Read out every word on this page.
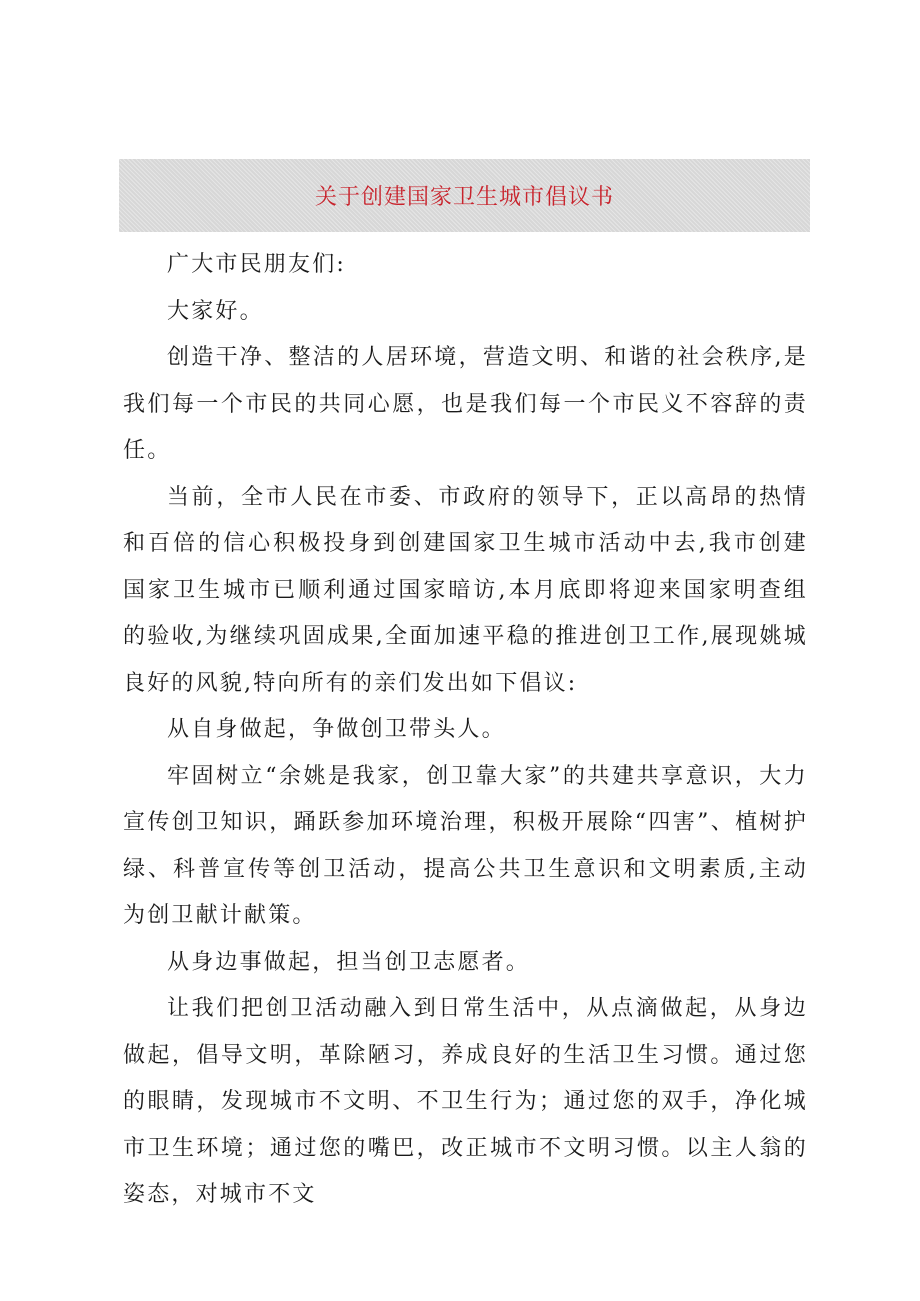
关于创建国家卫生城市倡议书

广大市民朋友们:

大家好。

创造干净、整洁的人居环境，营造文明、和谐的社会秩序,是我们每一个市民的共同心愿，也是我们每一个市民义不容辞的责任。

当前，全市人民在市委、市政府的领导下，正以高昂的热情和百倍的信心积极投身到创建国家卫生城市活动中去,我市创建国家卫生城市已顺利通过国家暗访,本月底即将迎来国家明查组的验收,为继续巩固成果,全面加速平稳的推进创卫工作,展现姚城良好的风貌,特向所有的亲们发出如下倡议:

从自身做起，争做创卫带头人。

牢固树立“余姚是我家，创卫靠大家”的共建共享意识，大力宣传创卫知识，踊跃参加环境治理，积极开展除“四害”、植树护绿、科普宣传等创卫活动，提高公共卫生意识和文明素质,主动为创卫献计献策。

从身边事做起，担当创卫志愿者。

让我们把创卫活动融入到日常生活中，从点滴做起，从身边做起，倡导文明，革除陋习，养成良好的生活卫生习惯。通过您的眼睛，发现城市不文明、不卫生行为；通过您的双手，净化城市卫生环境；通过您的嘴巴，改正城市不文明习惯。以主人翁的姿态，对城市不文
